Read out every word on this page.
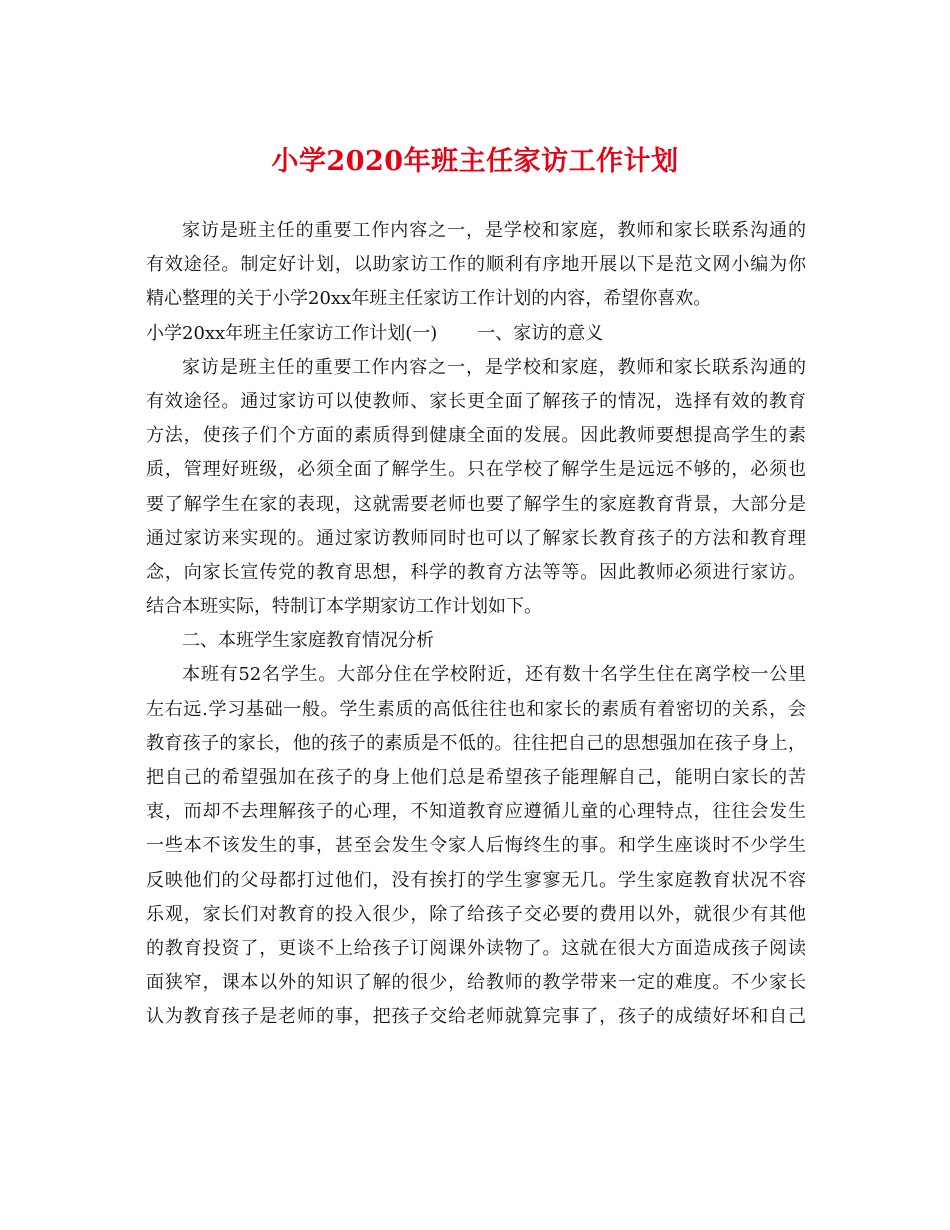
小学2020年班主任家访工作计划
家访是班主任的重要工作内容之一，是学校和家庭，教师和家长联系沟通的
有效途径。制定好计划，以助家访工作的顺利有序地开展以下是范文网小编为你
精心整理的关于小学20xx年班主任家访工作计划的内容，希望你喜欢。
小学20xx年班主任家访工作计划(一) 一、家访的意义
家访是班主任的重要工作内容之一，是学校和家庭，教师和家长联系沟通的
有效途径。通过家访可以使教师、家长更全面了解孩子的情况，选择有效的教育
方法，使孩子们个方面的素质得到健康全面的发展。因此教师要想提高学生的素
质，管理好班级，必须全面了解学生。只在学校了解学生是远远不够的，必须也
要了解学生在家的表现，这就需要老师也要了解学生的家庭教育背景，大部分是
通过家访来实现的。通过家访教师同时也可以了解家长教育孩子的方法和教育理
念，向家长宣传党的教育思想，科学的教育方法等等。因此教师必须进行家访。
结合本班实际，特制订本学期家访工作计划如下。
二、本班学生家庭教育情况分析
本班有52名学生。大部分住在学校附近，还有数十名学生住在离学校一公里
左右远.学习基础一般。学生素质的高低往往也和家长的素质有着密切的关系，会
教育孩子的家长，他的孩子的素质是不低的。往往把自己的思想强加在孩子身上，
把自己的希望强加在孩子的身上他们总是希望孩子能理解自己，能明白家长的苦
衷，而却不去理解孩子的心理，不知道教育应遵循儿童的心理特点，往往会发生
一些本不该发生的事，甚至会发生令家人后悔终生的事。和学生座谈时不少学生
反映他们的父母都打过他们，没有挨打的学生寥寥无几。学生家庭教育状况不容
乐观，家长们对教育的投入很少，除了给孩子交必要的费用以外，就很少有其他
的教育投资了，更谈不上给孩子订阅课外读物了。这就在很大方面造成孩子阅读
面狭窄，课本以外的知识了解的很少，给教师的教学带来一定的难度。不少家长
认为教育孩子是老师的事，把孩子交给老师就算完事了，孩子的成绩好坏和自己
